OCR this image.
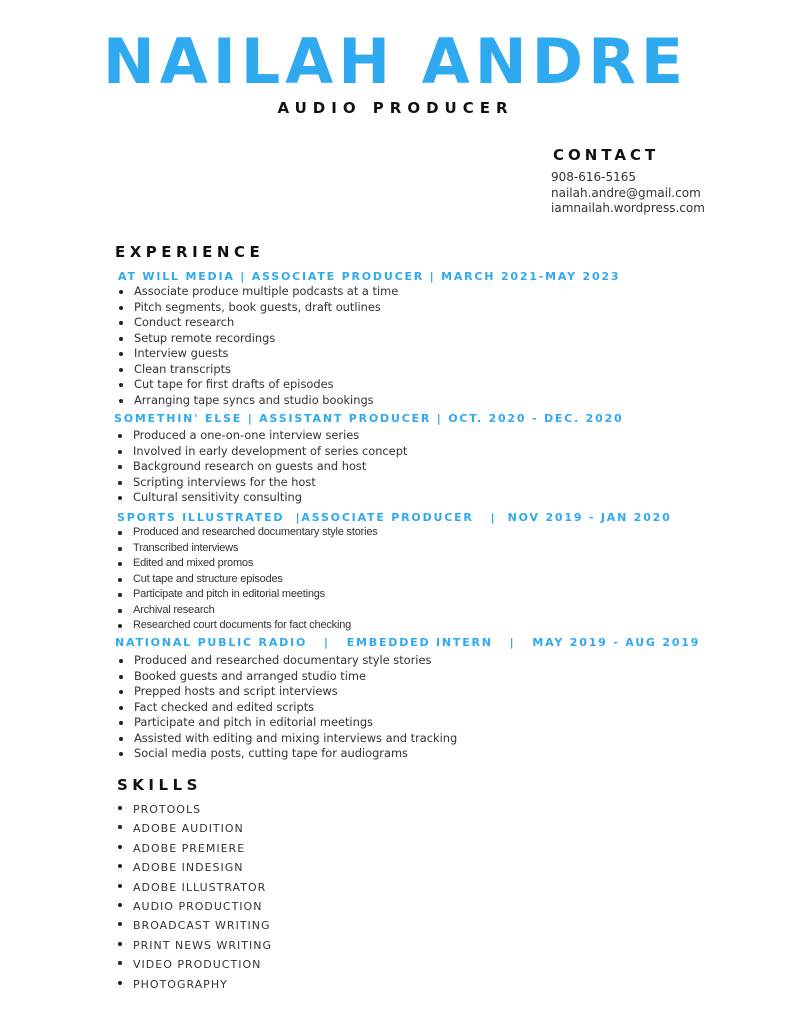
NAILAH ANDRE
AUDIO PRODUCER
CONTACT
908-616-5165
nailah.andre@gmail.com
iamnailah.wordpress.com
EXPERIENCE
AT WILL MEDIA | ASSOCIATE PRODUCER | MARCH 2021-MAY 2023
Associate produce multiple podcasts at a time
Pitch segments, book guests, draft outlines
Conduct research
Setup remote recordings
Interview guests
Clean transcripts
Cut tape for first drafts of episodes
Arranging tape syncs and studio bookings
SOMETHIN' ELSE | ASSISTANT PRODUCER | OCT. 2020 - DEC. 2020
Produced a one-on-one interview series
Involved in early development of series concept
Background research on guests and host
Scripting interviews for the host
Cultural sensitivity consulting
SPORTS ILLUSTRATED  |ASSOCIATE PRODUCER   |  NOV 2019 - JAN 2020
Produced and researched documentary style stories
Transcribed interviews
Edited and mixed promos
Cut tape and structure episodes
Participate and pitch in editorial meetings
Archival research
Researched court documents for fact checking
NATIONAL PUBLIC RADIO   |   EMBEDDED INTERN   |   MAY 2019 - AUG 2019
Produced and researched documentary style stories
Booked guests and arranged studio time
Prepped hosts and script interviews
Fact checked and edited scripts
Participate and pitch in editorial meetings
Assisted with editing and mixing interviews and tracking
Social media posts, cutting tape for audiograms
SKILLS
PROTOOLS
ADOBE AUDITION
ADOBE PREMIERE
ADOBE INDESIGN
ADOBE ILLUSTRATOR
AUDIO PRODUCTION
BROADCAST WRITING
PRINT NEWS WRITING
VIDEO PRODUCTION
PHOTOGRAPHY
